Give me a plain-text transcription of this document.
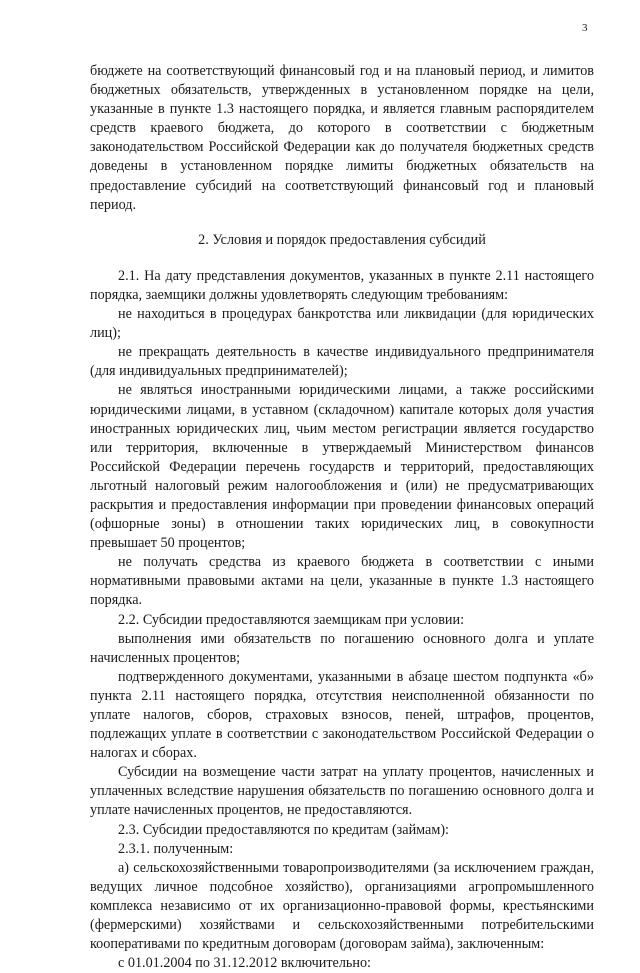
3

бюджете на соответствующий финансовый год и на плановый период, и лимитов бюджетных обязательств, утвержденных в установленном порядке на цели, указанные в пункте 1.3 настоящего порядка, и является главным распорядителем средств краевого бюджета, до которого в соответствии с бюджетным законодательством Российской Федерации как до получателя бюджетных средств доведены в установленном порядке лимиты бюджетных обязательств на предоставление субсидий на соответствующий финансовый год и плановый период.

2. Условия и порядок предоставления субсидий

2.1. На дату представления документов, указанных в пункте 2.11 настоящего порядка, заемщики должны удовлетворять следующим требованиям:

не находиться в процедурах банкротства или ликвидации (для юридических лиц);

не прекращать деятельность в качестве индивидуального предпринимателя (для индивидуальных предпринимателей);

не являться иностранными юридическими лицами, а также российскими юридическими лицами, в уставном (складочном) капитале которых доля участия иностранных юридических лиц, чьим местом регистрации является государство или территория, включенные в утверждаемый Министерством финансов Российской Федерации перечень государств и территорий, предоставляющих льготный налоговый режим налогообложения и (или) не предусматривающих раскрытия и предоставления информации при проведении финансовых операций (офшорные зоны) в отношении таких юридических лиц, в совокупности превышает 50 процентов;

не получать средства из краевого бюджета в соответствии с иными нормативными правовыми актами на цели, указанные в пункте 1.3 настоящего порядка.

2.2. Субсидии предоставляются заемщикам при условии:

выполнения ими обязательств по погашению основного долга и уплате начисленных процентов;

подтвержденного документами, указанными в абзаце шестом подпункта «б» пункта 2.11 настоящего порядка, отсутствия неисполненной обязанности по уплате налогов, сборов, страховых взносов, пеней, штрафов, процентов, подлежащих уплате в соответствии с законодательством Российской Федерации о налогах и сборах.

Субсидии на возмещение части затрат на уплату процентов, начисленных и уплаченных вследствие нарушения обязательств по погашению основного долга и уплате начисленных процентов, не предоставляются.

2.3. Субсидии предоставляются по кредитам (займам):

2.3.1. полученным:

а) сельскохозяйственными товаропроизводителями (за исключением граждан, ведущих личное подсобное хозяйство), организациями агропромышленного комплекса независимо от их организационно-правовой формы, крестьянскими (фермерскими) хозяйствами и сельскохозяйственными потребительскими кооперативами по кредитным договорам (договорам займа), заключенным:

с 01.01.2004 по 31.12.2012 включительно:
